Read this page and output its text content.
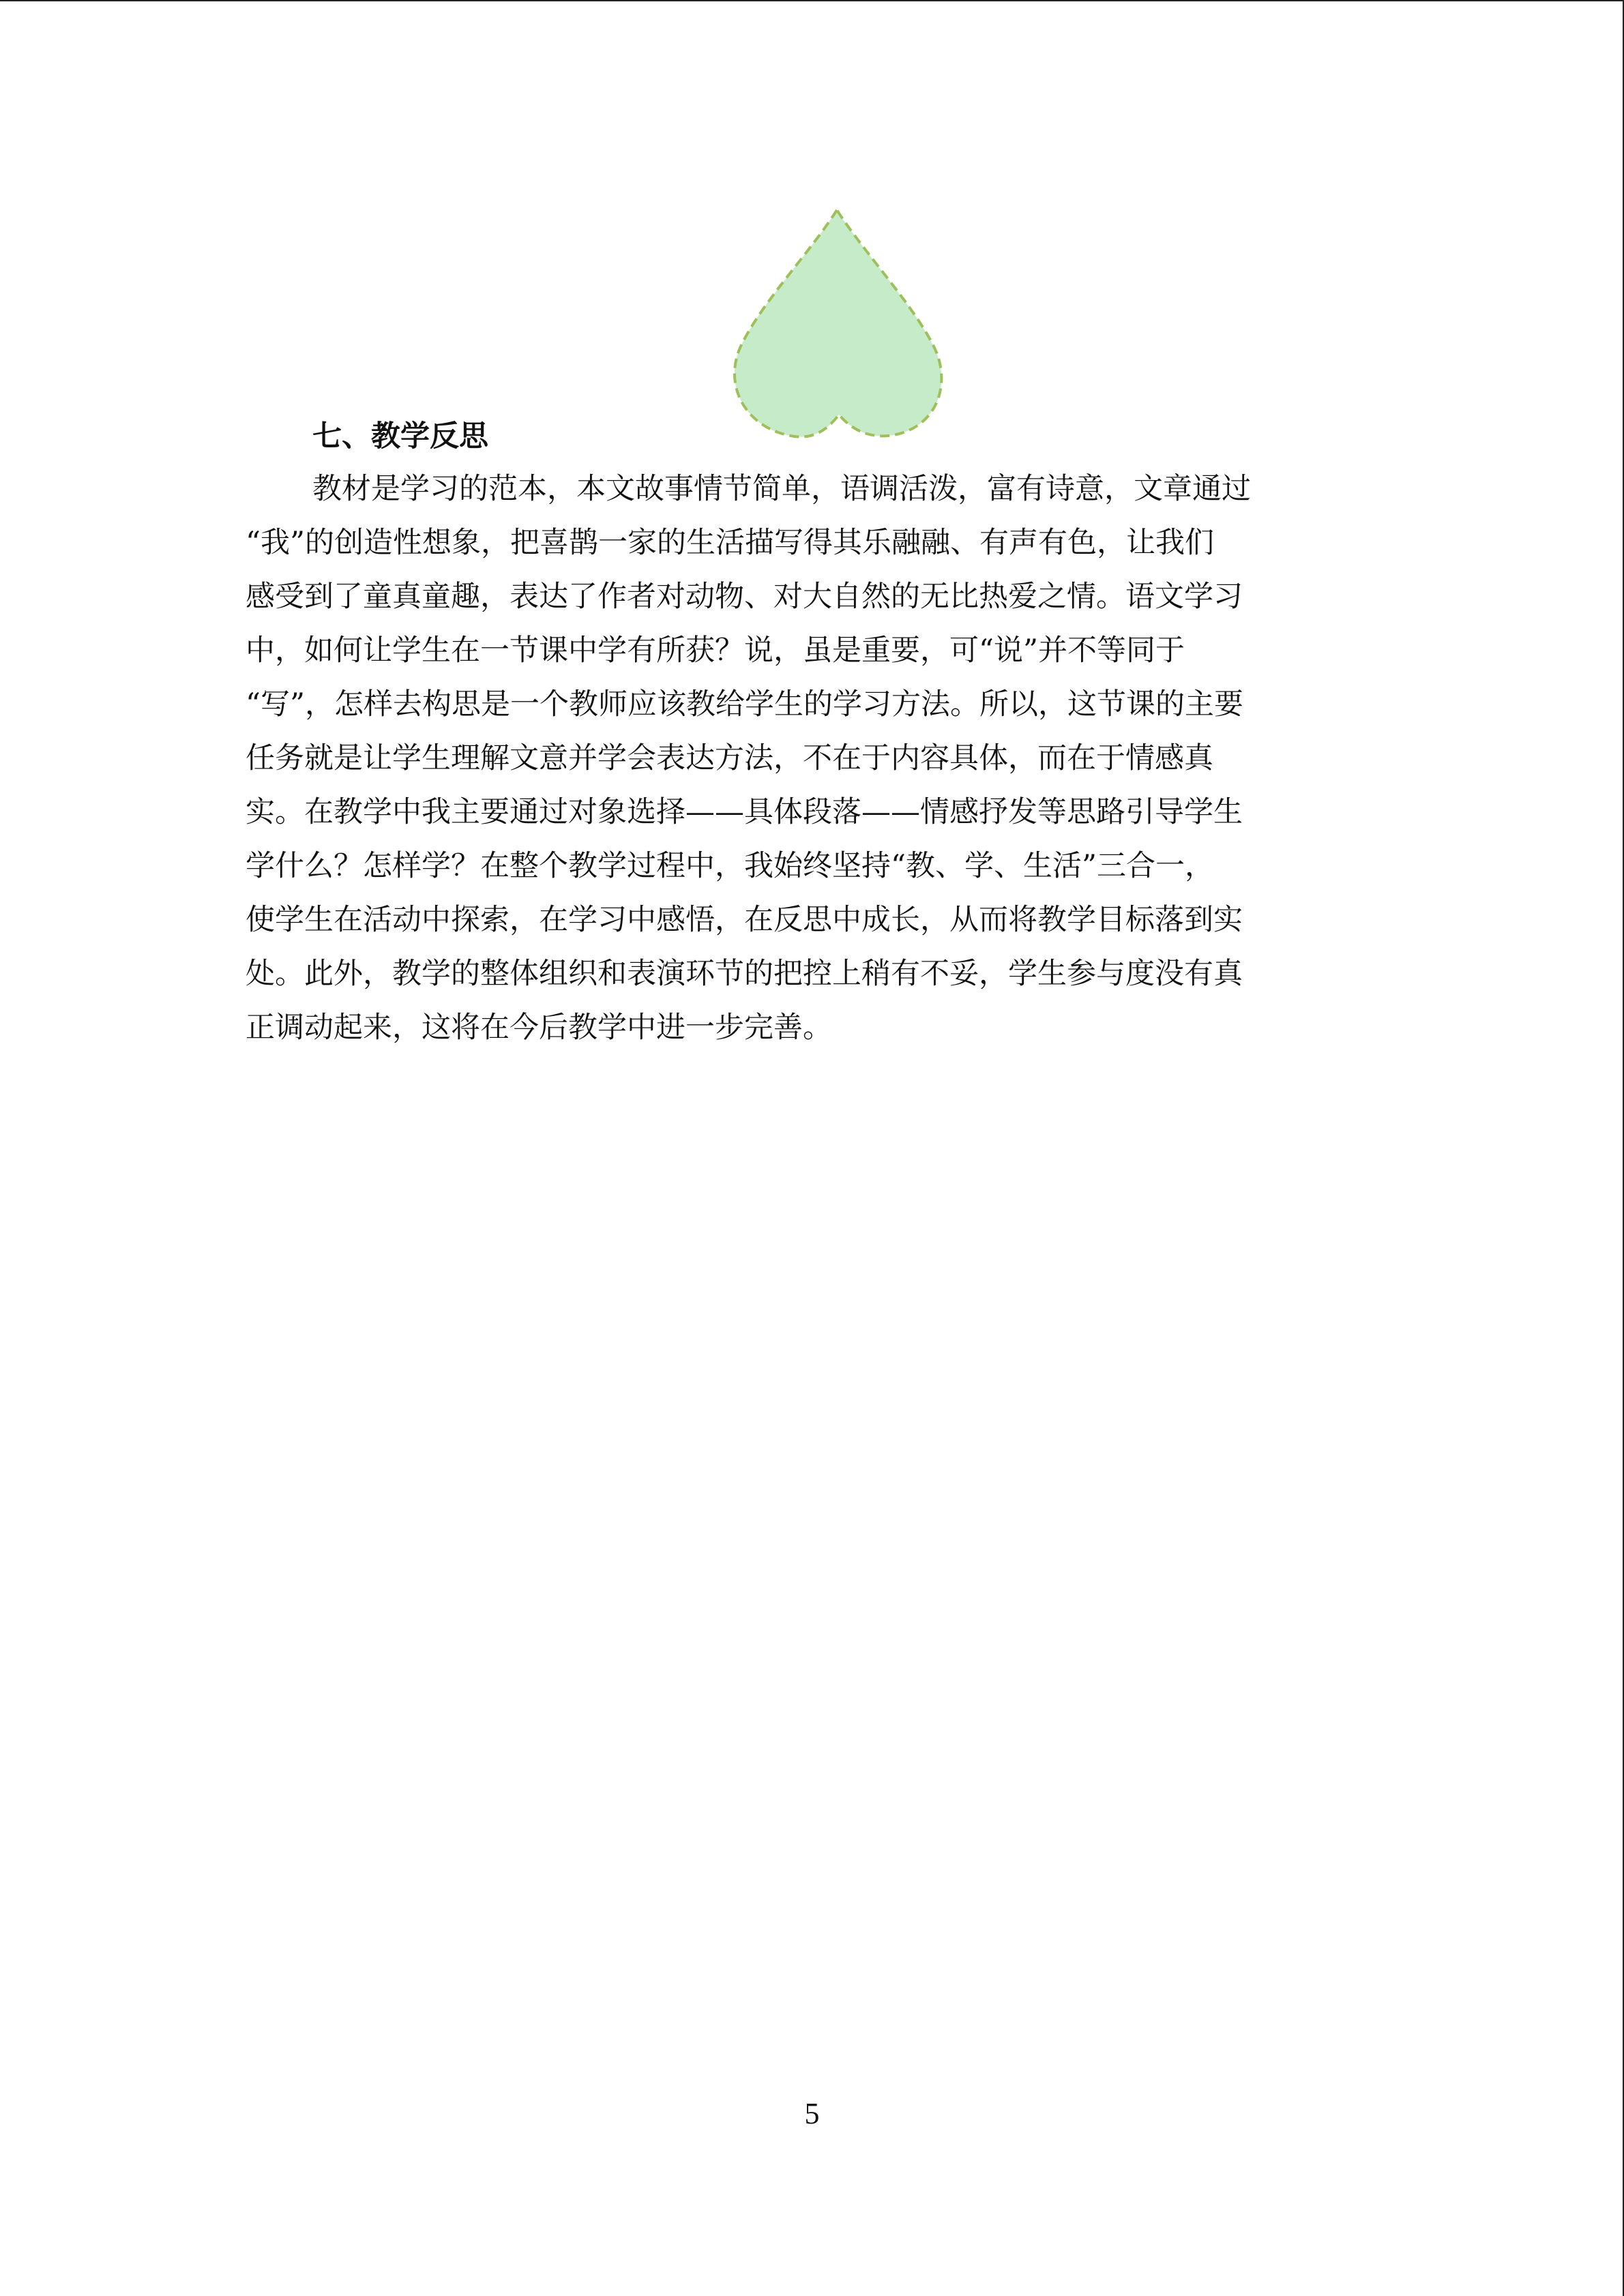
七、教学反思
教材是学习的范本，本文故事情节简单，语调活泼，富有诗意，文章通过
“我”的创造性想象，把喜鹊一家的生活描写得其乐融融、有声有色，让我们
感受到了童真童趣，表达了作者对动物、对大自然的无比热爱之情。语文学习
中，如何让学生在一节课中学有所获？说，虽是重要，可“说”并不等同于
“写”，怎样去构思是一个教师应该教给学生的学习方法。所以，这节课的主要
任务就是让学生理解文意并学会表达方法，不在于内容具体，而在于情感真
实。在教学中我主要通过对象选择——具体段落——情感抒发等思路引导学生
学什么？怎样学？在整个教学过程中，我始终坚持“教、学、生活”三合一，
使学生在活动中探索，在学习中感悟，在反思中成长，从而将教学目标落到实
处。此外，教学的整体组织和表演环节的把控上稍有不妥，学生参与度没有真
正调动起来，这将在今后教学中进一步完善。
5
